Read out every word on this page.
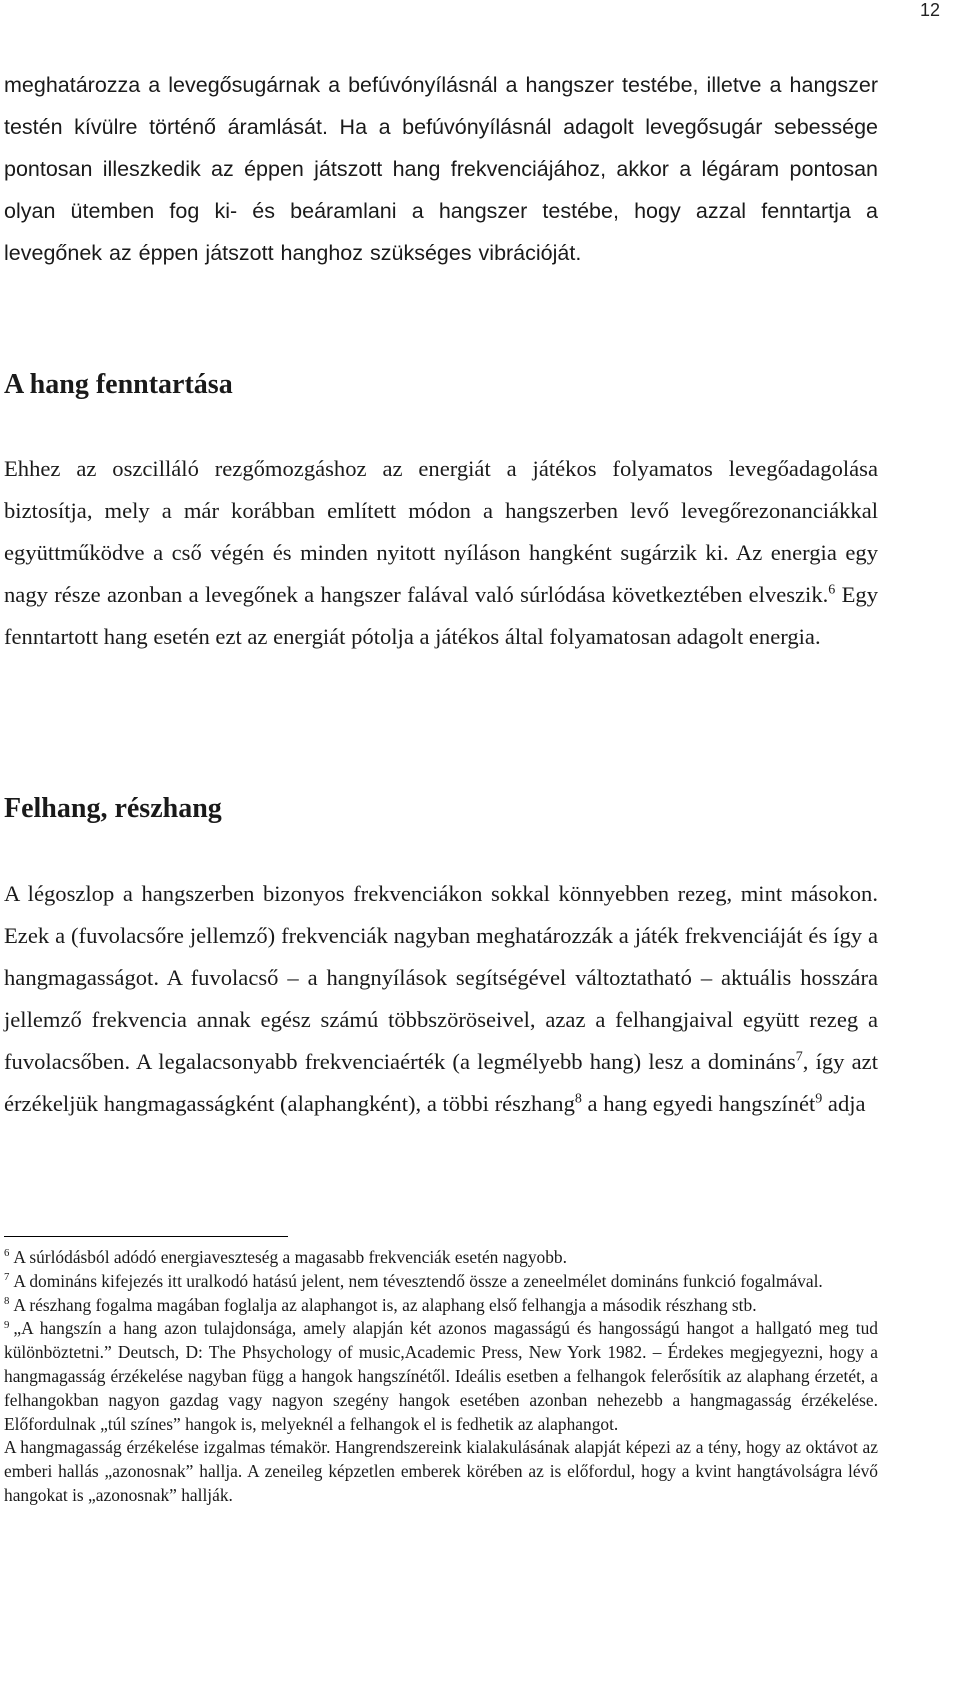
12

meghatározza a levegősugárnak a befúvónyílásnál a hangszer testébe, illetve a hangszer testén kívülre történő áramlását. Ha a befúvónyílásnál adagolt levegősugár sebessége pontosan illeszkedik az éppen játszott hang frekvenciájához, akkor a légáram pontosan olyan ütemben fog ki- és beáramlani a hangszer testébe, hogy azzal fenntartja a levegőnek az éppen játszott hanghoz szükséges vibrációját.

A hang fenntartása

Ehhez az oszcilláló rezgőmozgáshoz az energiát a játékos folyamatos levegőadagolása biztosítja, mely a már korábban említett módon a hangszerben levő levegőrezonanciákkal együttműködve a cső végén és minden nyitott nyíláson hangként sugárzik ki. Az energia egy nagy része azonban a levegőnek a hangszer falával való súrlódása következtében elveszik.$^6$ Egy fenntartott hang esetén ezt az energiát pótolja a játékos által folyamatosan adagolt energia.

Felhang, részhang

A légoszlop a hangszerben bizonyos frekvenciákon sokkal könnyebben rezeg, mint másokon. Ezek a (fuvolacsőre jellemző) frekvenciák nagyban meghatározzák a játék frekvenciáját és így a hangmagasságot. A fuvolacső – a hangnyílások segítségével változtatható – aktuális hosszára jellemző frekvencia annak egész számú többszöröseivel, azaz a felhangjaival együtt rezeg a fuvolacsőben. A legalacsonyabb frekvenciaérték (a legmélyebb hang) lesz a domináns$^7$, így azt érzékeljük hangmagasságként (alaphangként), a többi részhang$^8$ a hang egyedi hangszínét$^9$ adja

$^6$ A súrlódásból adódó energiaveszteség a magasabb frekvenciák esetén nagyobb.

$^7$ A domináns kifejezés itt uralkodó hatású jelent, nem tévesztendő össze a zeneelmélet domináns funkció fogalmával.

$^8$ A részhang fogalma magában foglalja az alaphangot is, az alaphang első felhangja a második részhang stb.

$^9$ „A hangszín a hang azon tulajdonsága, amely alapján két azonos magasságú és hangosságú hangot a hallgató meg tud különböztetni.” Deutsch, D: The Phsychology of music,Academic Press, New York 1982. – Érdekes megjegyezni, hogy a hangmagasság érzékelése nagyban függ a hangok hangszínétől. Ideális esetben a felhangok felerősítik az alaphang érzetét, a felhangokban nagyon gazdag vagy nagyon szegény hangok esetében azonban nehezebb a hangmagasság érzékelése. Előfordulnak „túl színes” hangok is, melyeknél a felhangok el is fedhetik az alaphangot.

A hangmagasság érzékelése izgalmas témakör. Hangrendszereink kialakulásának alapját képezi az a tény, hogy az oktávot az emberi hallás „azonosnak” hallja. A zeneileg képzetlen emberek körében az is előfordul, hogy a kvint hangtávolságra lévő hangokat is „azonosnak” hallják.
